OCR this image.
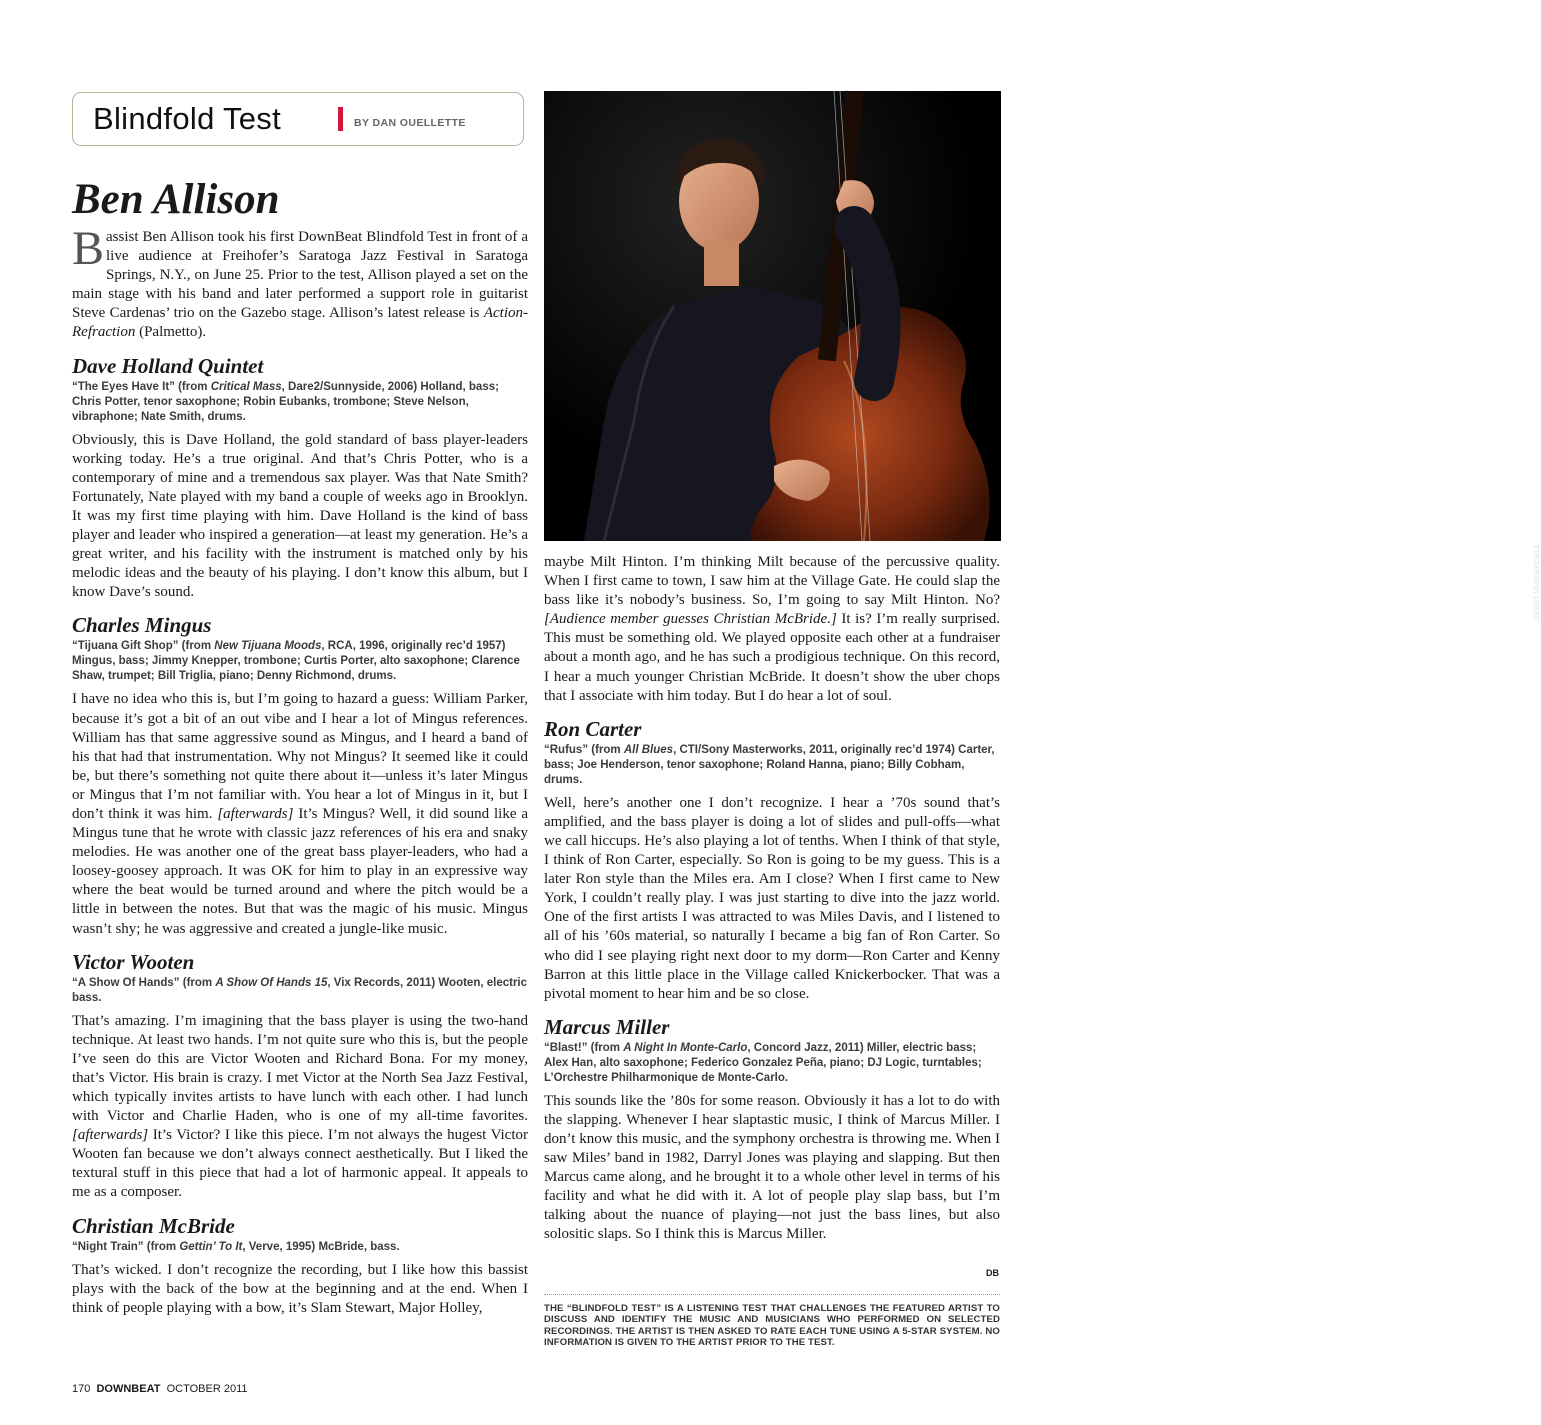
Blindfold Test	BY DAN OUELLETTE
Ben Allison

Bassist Ben Allison took his first DownBeat Blindfold Test in front of a live audience at Freihofer’s Saratoga Jazz Festival in Saratoga Springs, N.Y., on June 25. Prior to the test, Allison played a set on the main stage with his band and later performed a support role in guitarist Steve Cardenas’ trio on the Gazebo stage. Allison’s latest release is Action-Refraction (Palmetto).

Dave Holland Quintet

“The Eyes Have It” (from Critical Mass, Dare2/Sunnyside, 2006) Holland, bass; Chris Potter, tenor saxophone; Robin Eubanks, trombone; Steve Nelson, vibraphone; Nate Smith, drums.

Obviously, this is Dave Holland, the gold standard of bass player-leaders working today. He’s a true original. And that’s Chris Potter, who is a contemporary of mine and a tremendous sax player. Was that Nate Smith? Fortunately, Nate played with my band a couple of weeks ago in Brooklyn. It was my first time playing with him. Dave Holland is the kind of bass player and leader who inspired a generation—at least my generation. He’s a great writer, and his facility with the instrument is matched only by his melodic ideas and the beauty of his playing. I don’t know this album, but I know Dave’s sound.

Charles Mingus

“Tijuana Gift Shop” (from New Tijuana Moods, RCA, 1996, originally rec’d 1957) Mingus, bass; Jimmy Knepper, trombone; Curtis Porter, alto saxophone; Clarence Shaw, trumpet; Bill Triglia, piano; Denny Richmond, drums.

I have no idea who this is, but I’m going to hazard a guess: William Parker, because it’s got a bit of an out vibe and I hear a lot of Mingus references. William has that same aggressive sound as Mingus, and I heard a band of his that had that instrumentation. Why not Mingus? It seemed like it could be, but there’s something not quite there about it—unless it’s later Mingus or Mingus that I’m not familiar with. You hear a lot of Mingus in it, but I don’t think it was him. [afterwards] It’s Mingus? Well, it did sound like a Mingus tune that he wrote with classic jazz references of his era and snaky melodies. He was another one of the great bass player-leaders, who had a loosey-goosey approach. It was OK for him to play in an expressive way where the beat would be turned around and where the pitch would be a little in between the notes. But that was the magic of his music. Mingus wasn’t shy; he was aggressive and created a jungle-like music.

Victor Wooten

“A Show Of Hands” (from A Show Of Hands 15, Vix Records, 2011) Wooten, electric bass.

That’s amazing. I’m imagining that the bass player is using the two-hand technique. At least two hands. I’m not quite sure who this is, but the people I’ve seen do this are Victor Wooten and Richard Bona. For my money, that’s Victor. His brain is crazy. I met Victor at the North Sea Jazz Festival, which typically invites artists to have lunch with each other. I had lunch with Victor and Charlie Haden, who is one of my all-time favorites. [afterwards] It’s Victor? I like this piece. I’m not always the hugest Victor Wooten fan because we don’t always connect aesthetically. But I liked the textural stuff in this piece that had a lot of harmonic appeal. It appeals to me as a composer.

Christian McBride

“Night Train” (from Gettin’ To It, Verve, 1995) McBride, bass.

That’s wicked. I don’t recognize the recording, but I like how this bassist plays with the back of the bow at the beginning and at the end. When I think of people playing with a bow, it’s Slam Stewart, Major Holley,

GEERT VANDEPOELE

maybe Milt Hinton. I’m thinking Milt because of the percussive quality. When I first came to town, I saw him at the Village Gate. He could slap the bass like it’s nobody’s business. So, I’m going to say Milt Hinton. No? [Audience member guesses Christian McBride.] It is? I’m really surprised. This must be something old. We played opposite each other at a fundraiser about a month ago, and he has such a prodigious technique. On this record, I hear a much younger Christian McBride. It doesn’t show the uber chops that I associate with him today. But I do hear a lot of soul.

Ron Carter

“Rufus” (from All Blues, CTI/Sony Masterworks, 2011, originally rec’d 1974) Carter, bass; Joe Henderson, tenor saxophone; Roland Hanna, piano; Billy Cobham, drums.

Well, here’s another one I don’t recognize. I hear a ’70s sound that’s amplified, and the bass player is doing a lot of slides and pull-offs—what we call hiccups. He’s also playing a lot of tenths. When I think of that style, I think of Ron Carter, especially. So Ron is going to be my guess. This is a later Ron style than the Miles era. Am I close? When I first came to New York, I couldn’t really play. I was just starting to dive into the jazz world. One of the first artists I was attracted to was Miles Davis, and I listened to all of his ’60s material, so naturally I became a big fan of Ron Carter. So who did I see playing right next door to my dorm—Ron Carter and Kenny Barron at this little place in the Village called Knickerbocker. That was a pivotal moment to hear him and be so close.

Marcus Miller

“Blast!” (from A Night In Monte-Carlo, Concord Jazz, 2011) Miller, electric bass; Alex Han, alto saxophone; Federico Gonzalez Peña, piano; DJ Logic, turntables; L’Orchestre Philharmonique de Monte-Carlo.

This sounds like the ’80s for some reason. Obviously it has a lot to do with the slapping. Whenever I hear slaptastic music, I think of Marcus Miller. I don’t know this music, and the symphony orchestra is throwing me. When I saw Miles’ band in 1982, Darryl Jones was playing and slapping. But then Marcus came along, and he brought it to a whole other level in terms of his facility and what he did with it. A lot of people play slap bass, but I’m talking about the nuance of playing—not just the bass lines, but also solositic slaps. So I think this is Marcus Miller.

DB

THE “BLINDFOLD TEST” IS A LISTENING TEST THAT CHALLENGES THE FEATURED ARTIST TO DISCUSS AND IDENTIFY THE MUSIC AND MUSICIANS WHO PERFORMED ON SELECTED RECORDINGS. THE ARTIST IS THEN ASKED TO RATE EACH TUNE USING A 5-STAR SYSTEM. NO INFORMATION IS GIVEN TO THE ARTIST PRIOR TO THE TEST.

170 DOWNBEAT OCTOBER 2011
